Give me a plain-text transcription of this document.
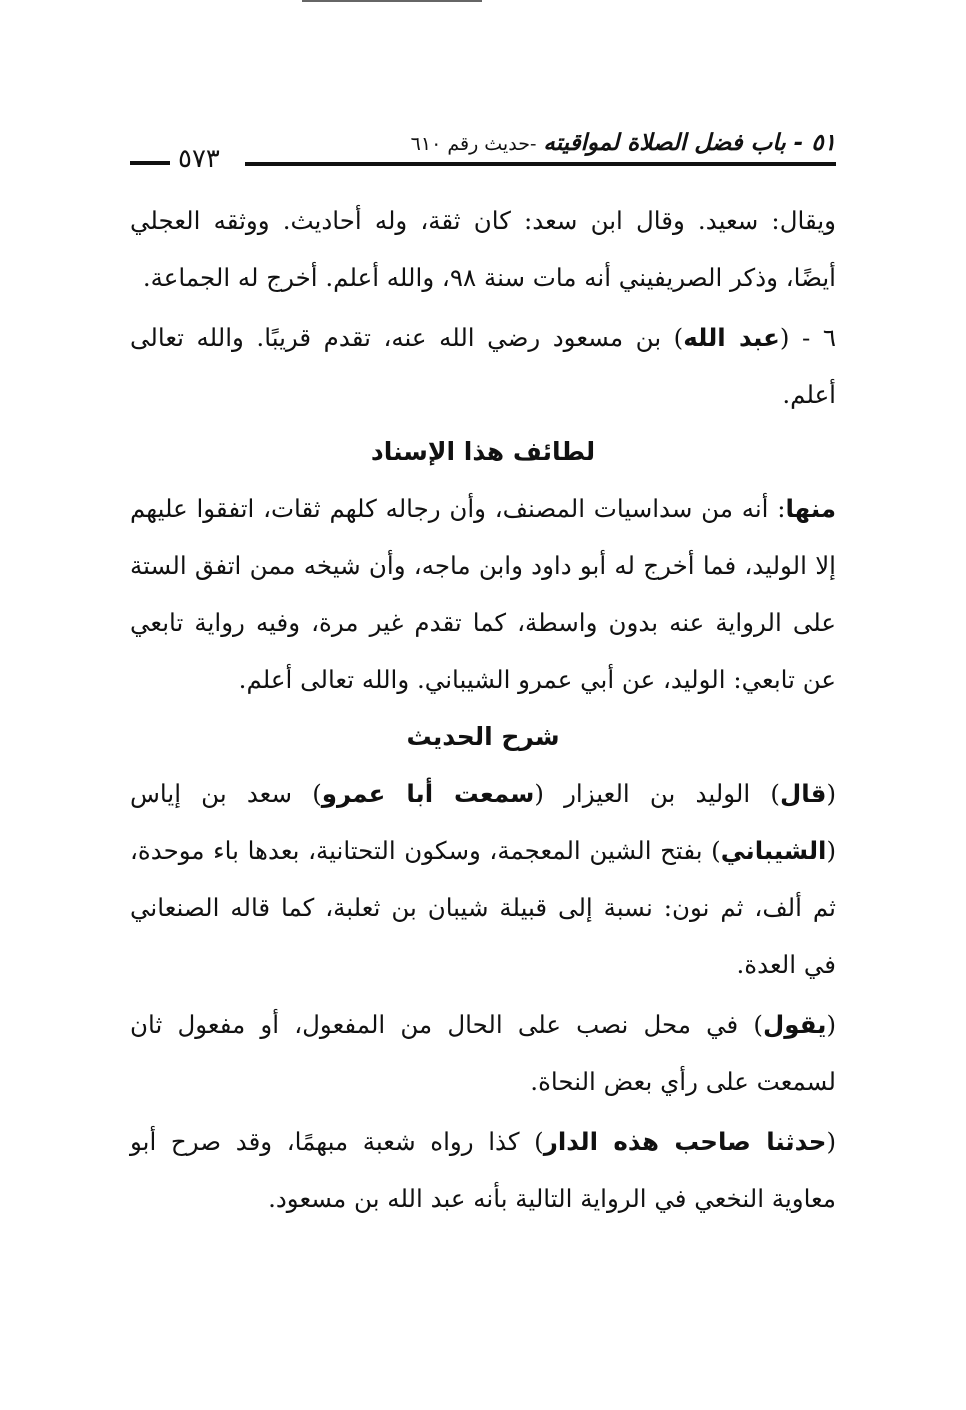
٥١ - باب فضل الصلاة لمواقيته -حديث رقم ٦١٠
٥٧٣

ويقال: سعيد. وقال ابن سعد: كان ثقة، وله أحاديث. ووثقه العجلي أيضًا، وذكر الصريفيني أنه مات سنة ٩٨، والله أعلم. أخرج له الجماعة.

٦ - (عبد الله) بن مسعود رضي الله عنه، تقدم قريبًا. والله تعالى أعلم.

لطائف هذا الإسناد

منها: أنه من سداسيات المصنف، وأن رجاله كلهم ثقات، اتفقوا عليهم إلا الوليد، فما أخرج له أبو داود وابن ماجه، وأن شيخه ممن اتفق الستة على الرواية عنه بدون واسطة، كما تقدم غير مرة، وفيه رواية تابعي عن تابعي: الوليد، عن أبي عمرو الشيباني. والله تعالى أعلم.

شرح الحديث

(قال) الوليد بن العيزار (سمعت أبا عمرو) سعد بن إياس (الشيباني) بفتح الشين المعجمة، وسكون التحتانية، بعدها باء موحدة، ثم ألف، ثم نون: نسبة إلى قبيلة شيبان بن ثعلبة، كما قاله الصنعاني في العدة.

(يقول) في محل نصب على الحال من المفعول، أو مفعول ثان لسمعت على رأي بعض النحاة.

(حدثنا صاحب هذه الدار) كذا رواه شعبة مبهمًا، وقد صرح أبو معاوية النخعي في الرواية التالية بأنه عبد الله بن مسعود.
